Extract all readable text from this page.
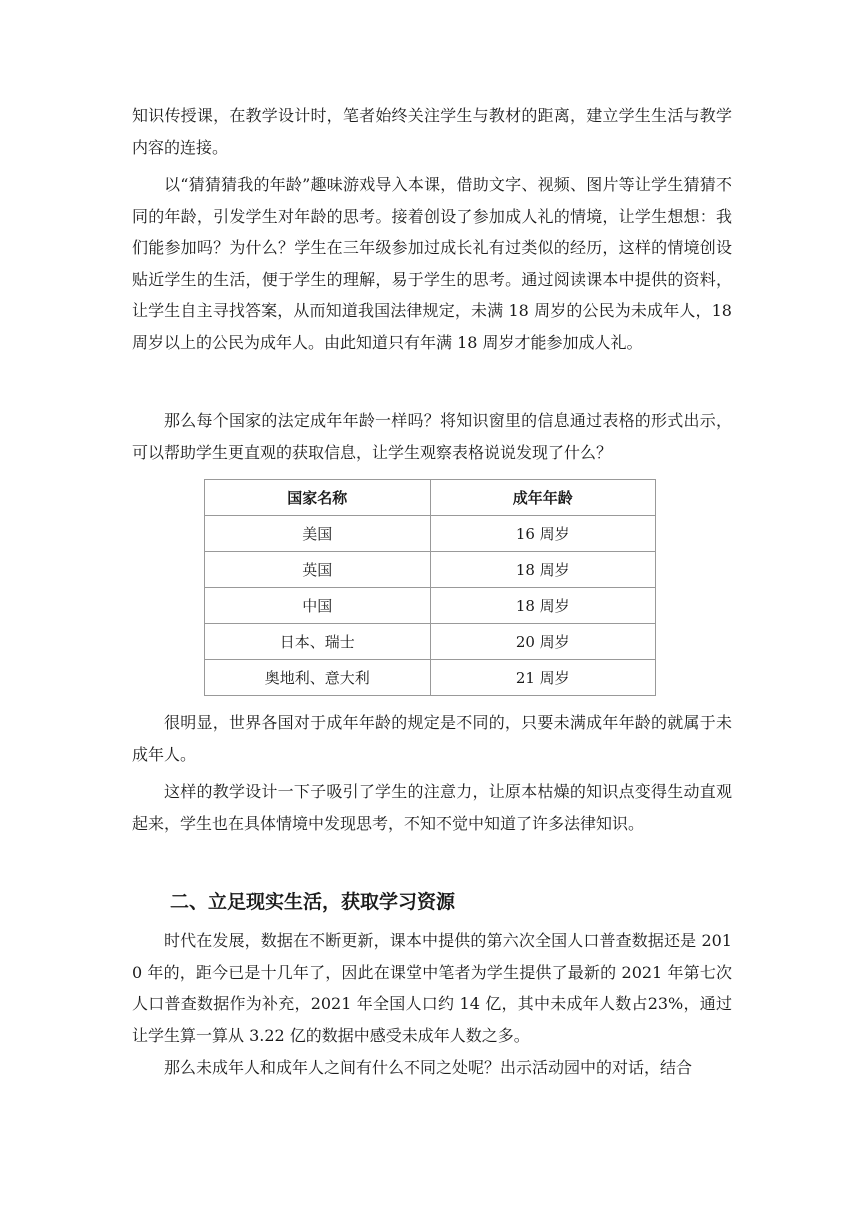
知识传授课，在教学设计时，笔者始终关注学生与教材的距离，建立学生生活与教学内容的连接。

以“猜猜猜我的年龄”趣味游戏导入本课，借助文字、视频、图片等让学生猜猜不同的年龄，引发学生对年龄的思考。接着创设了参加成人礼的情境，让学生想想：我们能参加吗？为什么？学生在三年级参加过成长礼有过类似的经历，这样的情境创设贴近学生的生活，便于学生的理解，易于学生的思考。通过阅读课本中提供的资料，让学生自主寻找答案，从而知道我国法律规定，未满 18 周岁的公民为未成年人，18 周岁以上的公民为成年人。由此知道只有年满 18 周岁才能参加成人礼。

那么每个国家的法定成年年龄一样吗？将知识窗里的信息通过表格的形式出示，可以帮助学生更直观的获取信息，让学生观察表格说说发现了什么？

国家名称	成年年龄
美国	16 周岁
英国	18 周岁
中国	18 周岁
日本、瑞士	20 周岁
奥地利、意大利	21 周岁

很明显，世界各国对于成年年龄的规定是不同的，只要未满成年年龄的就属于未成年人。

这样的教学设计一下子吸引了学生的注意力，让原本枯燥的知识点变得生动直观起来，学生也在具体情境中发现思考，不知不觉中知道了许多法律知识。

二、立足现实生活，获取学习资源

时代在发展，数据在不断更新，课本中提供的第六次全国人口普查数据还是 2010 年的，距今已是十几年了，因此在课堂中笔者为学生提供了最新的 2021 年第七次人口普查数据作为补充，2021 年全国人口约 14 亿，其中未成年人数占23%，通过让学生算一算从 3.22 亿的数据中感受未成年人数之多。

那么未成年人和成年人之间有什么不同之处呢？出示活动园中的对话，结合
